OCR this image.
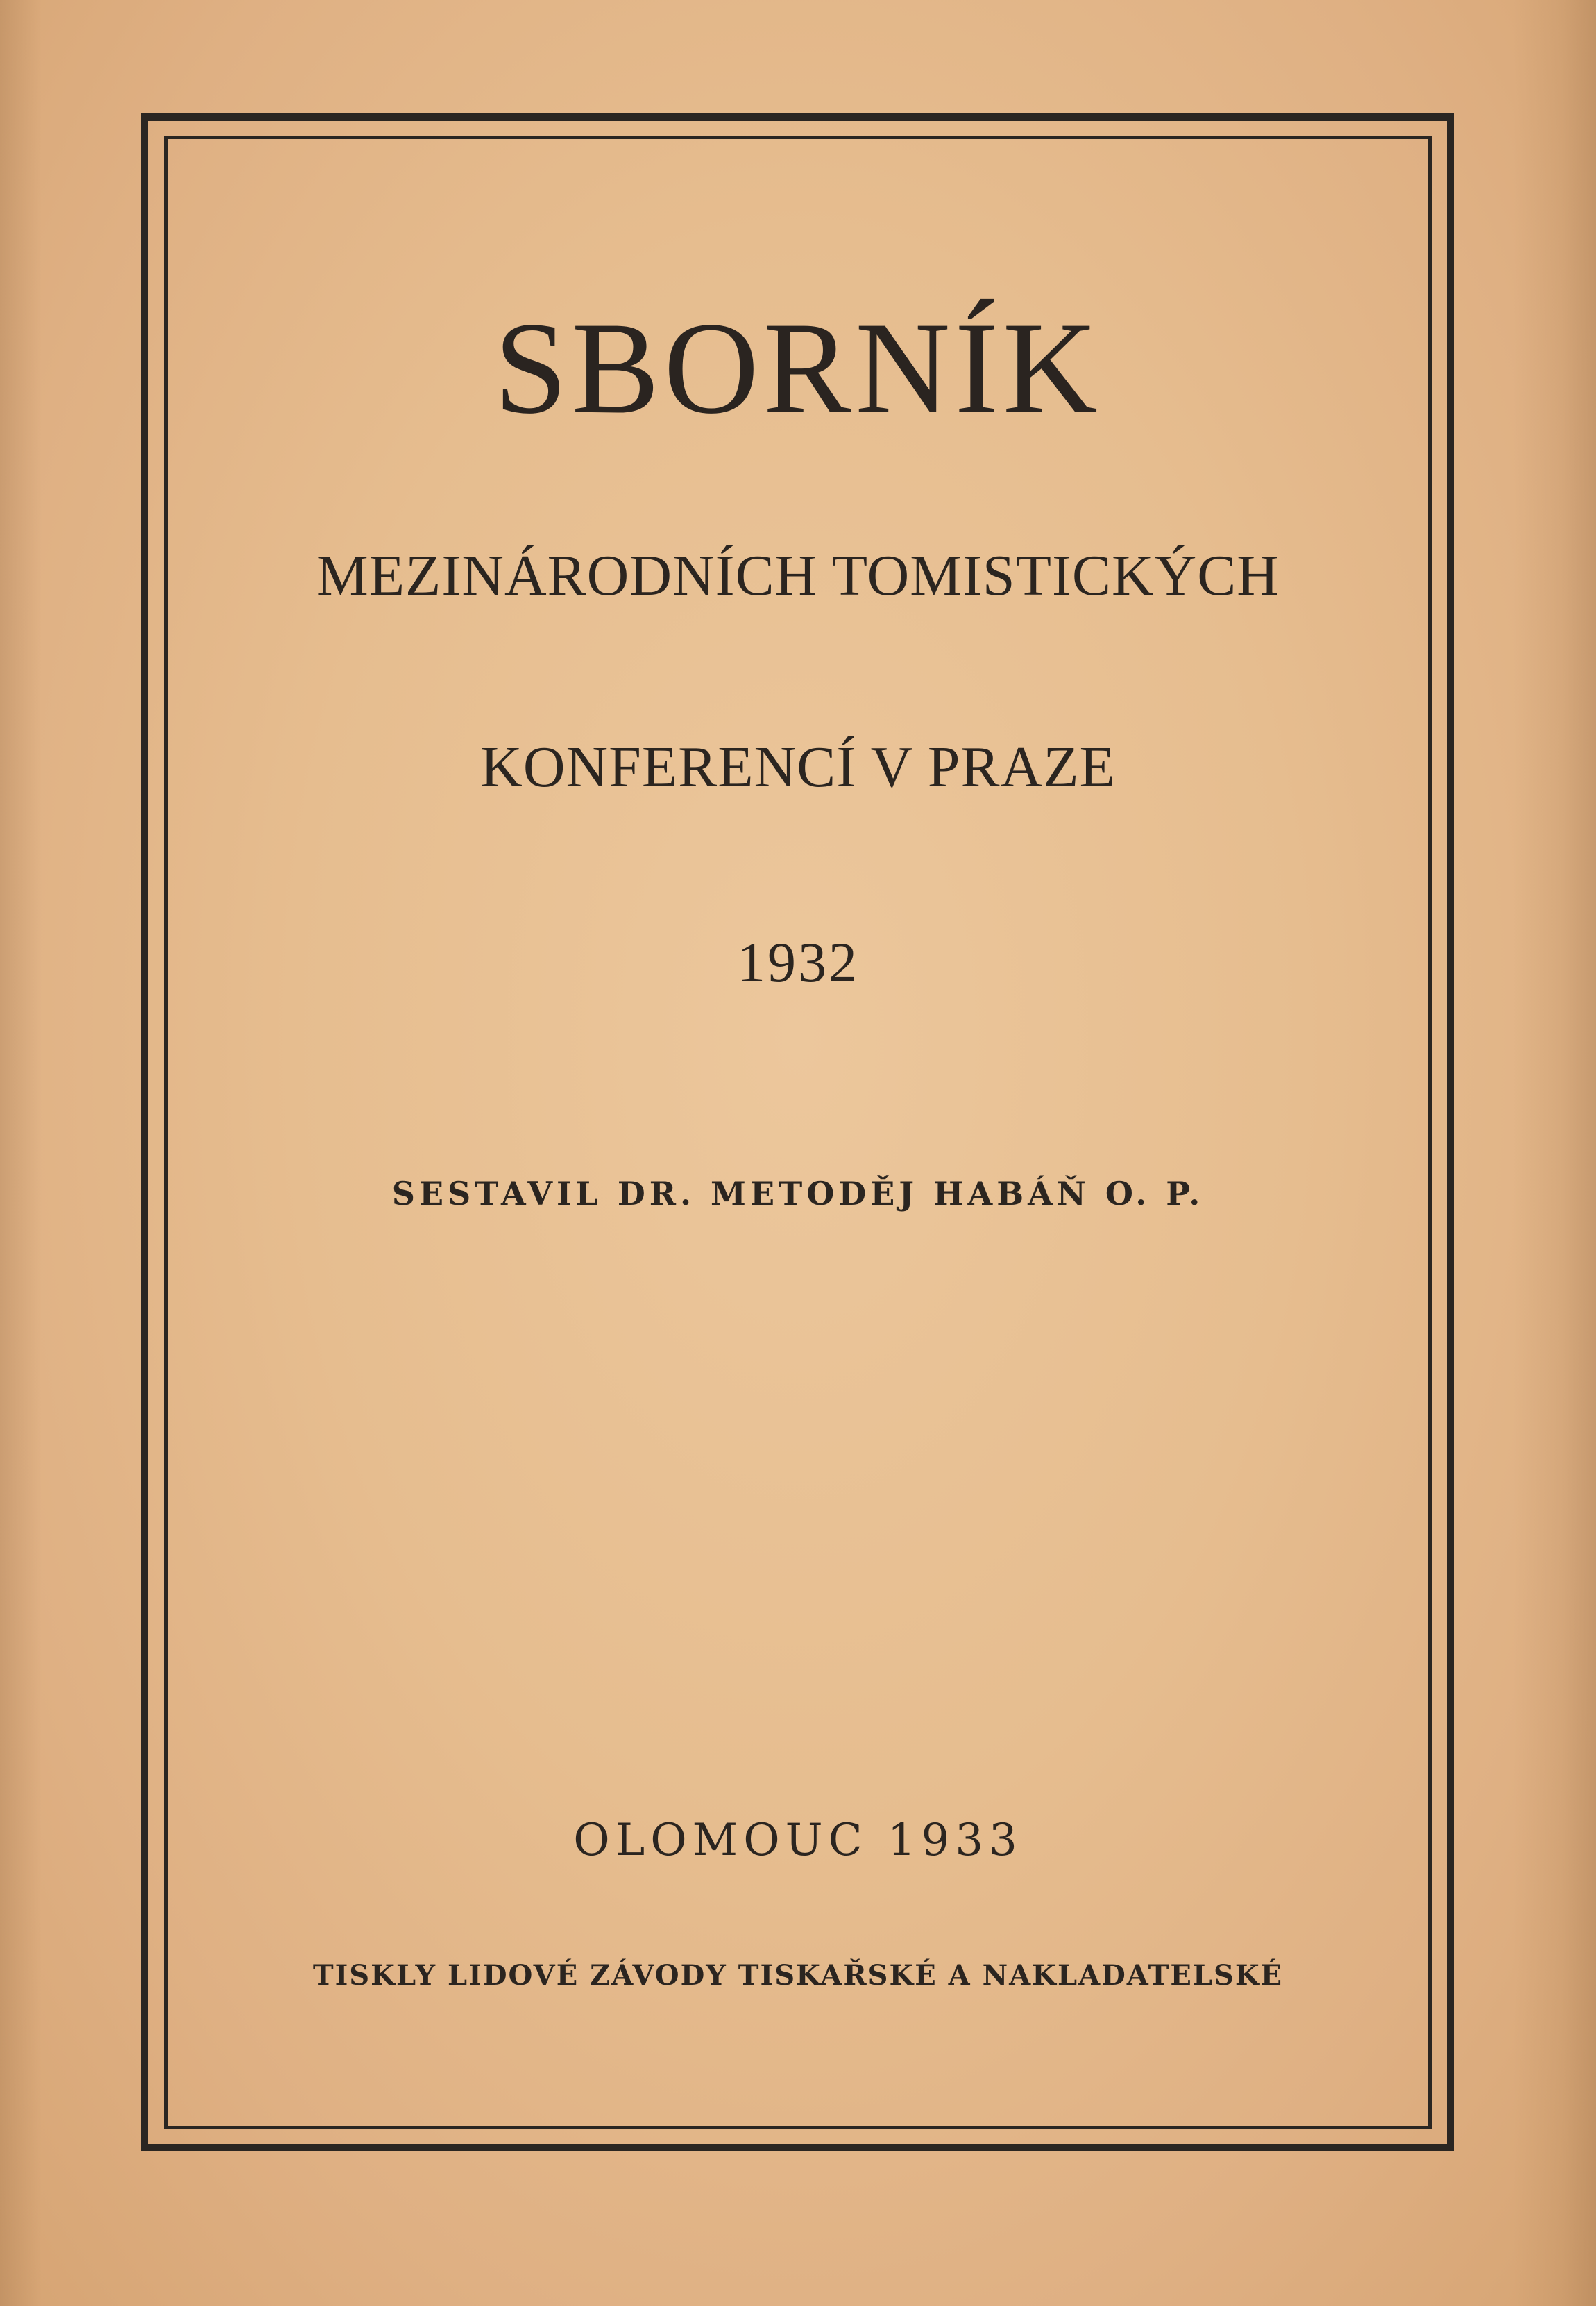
SBORNÍK
MEZINÁRODNÍCH TOMISTICKÝCH
KONFERENCÍ V PRAZE
1932
SESTAVIL DR. METODĚJ HABÁŇ O. P.
OLOMOUC 1933
TISKLY LIDOVÉ ZÁVODY TISKAŘSKÉ A NAKLADATELSKÉ
